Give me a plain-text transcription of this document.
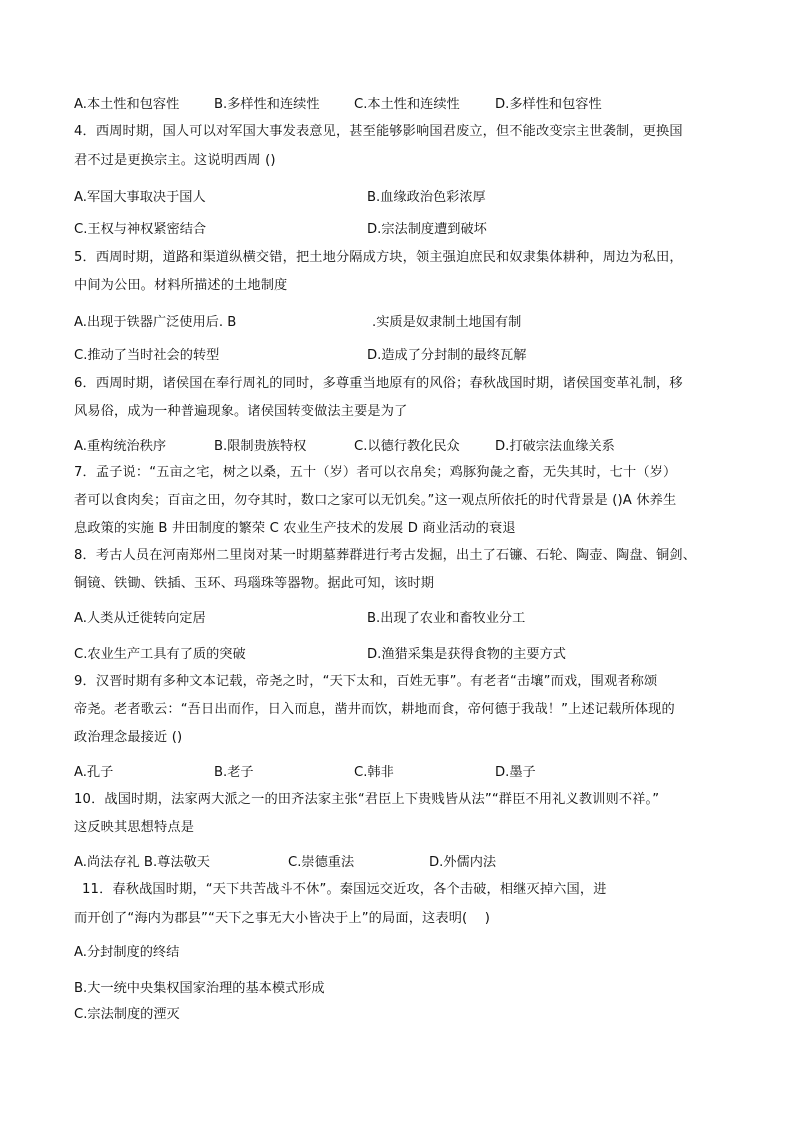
A.本土性和包容性	B.多样性和连续性	C.本土性和连续性	D.多样性和包容性
4．西周时期，国人可以对军国大事发表意见，甚至能够影响国君废立，但不能改变宗主世袭制，更换国
君不过是更换宗主。这说明西周 ()
A.军国大事取决于国人	B.血缘政治色彩浓厚
C.王权与神权紧密结合	D.宗法制度遭到破坏
5．西周时期，道路和渠道纵横交错，把土地分隔成方块，领主强迫庶民和奴隶集体耕种，周边为私田，
中间为公田。材料所描述的土地制度
A.出现于铁器广泛使用后. B	.实质是奴隶制土地国有制
C.推动了当时社会的转型	D.造成了分封制的最终瓦解
6．西周时期，诸侯国在奉行周礼的同时，多尊重当地原有的风俗；春秋战国时期，诸侯国变革礼制，移
风易俗，成为一种普遍现象。诸侯国转变做法主要是为了
A.重构统治秩序	B.限制贵族特权	C.以德行教化民众	D.打破宗法血缘关系
7．孟子说：“五亩之宅，树之以桑，五十（岁）者可以衣帛矣；鸡豚狗彘之畜，无失其时，七十（岁）
者可以食肉矣；百亩之田，勿夺其时，数口之家可以无饥矣。”这一观点所依托的时代背景是 ()A 休养生
息政策的实施 B 井田制度的繁荣 C 农业生产技术的发展 D 商业活动的衰退
8．考古人员在河南郑州二里岗对某一时期墓葬群进行考古发掘，出土了石镰、石轮、陶壶、陶盘、铜剑、
铜镜、铁锄、铁插、玉环、玛瑙珠等器物。据此可知，该时期
A.人类从迁徙转向定居	B.出现了农业和畜牧业分工
C.农业生产工具有了质的突破	D.渔猎采集是获得食物的主要方式
9．汉晋时期有多种文本记载，帝尧之时，“天下太和，百姓无事”。有老者“击壤”而戏，围观者称颂
帝尧。老者歌云：“吾日出而作，日入而息，凿井而饮，耕地而食，帝何德于我哉！”上述记载所体现的
政治理念最接近 ()
A.孔子	B.老子	C.韩非	D.墨子
10．战国时期，法家两大派之一的田齐法家主张“君臣上下贵贱皆从法”“群臣不用礼义教训则不祥。”
这反映其思想特点是
A.尚法存礼 B.尊法敬天	C.崇德重法	D.外儒内法
11．春秋战国时期，“天下共苦战斗不休”。秦国远交近攻，各个击破，相继灭掉六国，进
而开创了“海内为郡县”“天下之事无大小皆决于上”的局面，这表明(    )
A.分封制度的终结
B.大一统中央集权国家治理的基本模式形成
C.宗法制度的湮灭
